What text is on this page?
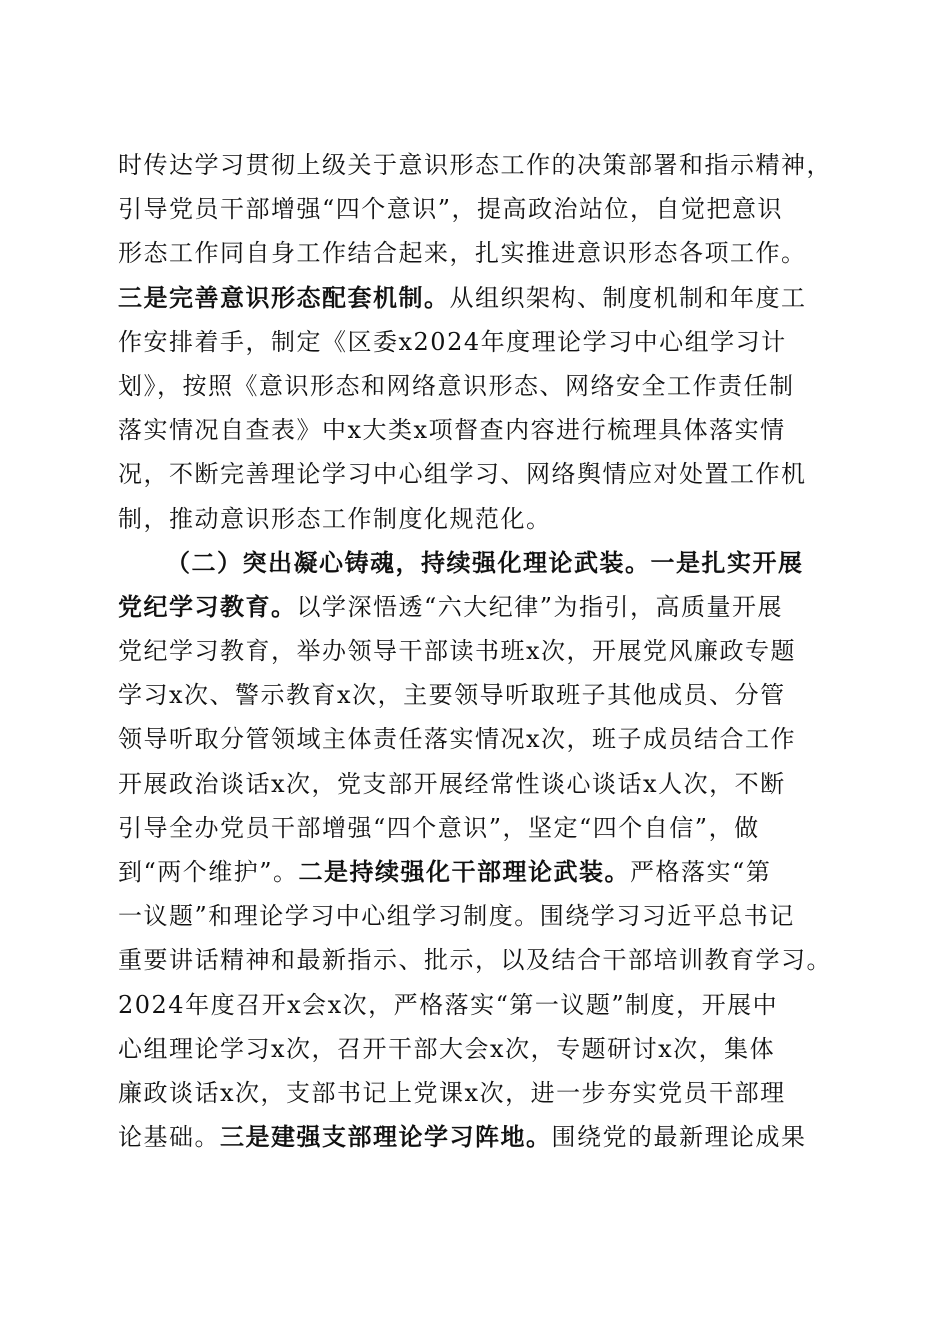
时传达学习贯彻上级关于意识形态工作的决策部署和指示精神，
引导党员干部增强“四个意识”，提高政治站位，自觉把意识
形态工作同自身工作结合起来，扎实推进意识形态各项工作。
三是完善意识形态配套机制。从组织架构、制度机制和年度工
作安排着手，制定《区委x2024年度理论学习中心组学习计
划》，按照《意识形态和网络意识形态、网络安全工作责任制
落实情况自查表》中x大类x项督查内容进行梳理具体落实情
况，不断完善理论学习中心组学习、网络舆情应对处置工作机
制，推动意识形态工作制度化规范化。
（二）突出凝心铸魂，持续强化理论武装。一是扎实开展
党纪学习教育。以学深悟透“六大纪律”为指引，高质量开展
党纪学习教育，举办领导干部读书班x次，开展党风廉政专题
学习x次、警示教育x次，主要领导听取班子其他成员、分管
领导听取分管领域主体责任落实情况x次，班子成员结合工作
开展政治谈话x次，党支部开展经常性谈心谈话x人次，不断
引导全办党员干部增强“四个意识”，坚定“四个自信”，做
到“两个维护”。二是持续强化干部理论武装。严格落实“第
一议题”和理论学习中心组学习制度。围绕学习习近平总书记
重要讲话精神和最新指示、批示，以及结合干部培训教育学习。
2024年度召开x会x次，严格落实“第一议题”制度，开展中
心组理论学习x次，召开干部大会x次，专题研讨x次，集体
廉政谈话x次，支部书记上党课x次，进一步夯实党员干部理
论基础。三是建强支部理论学习阵地。围绕党的最新理论成果
